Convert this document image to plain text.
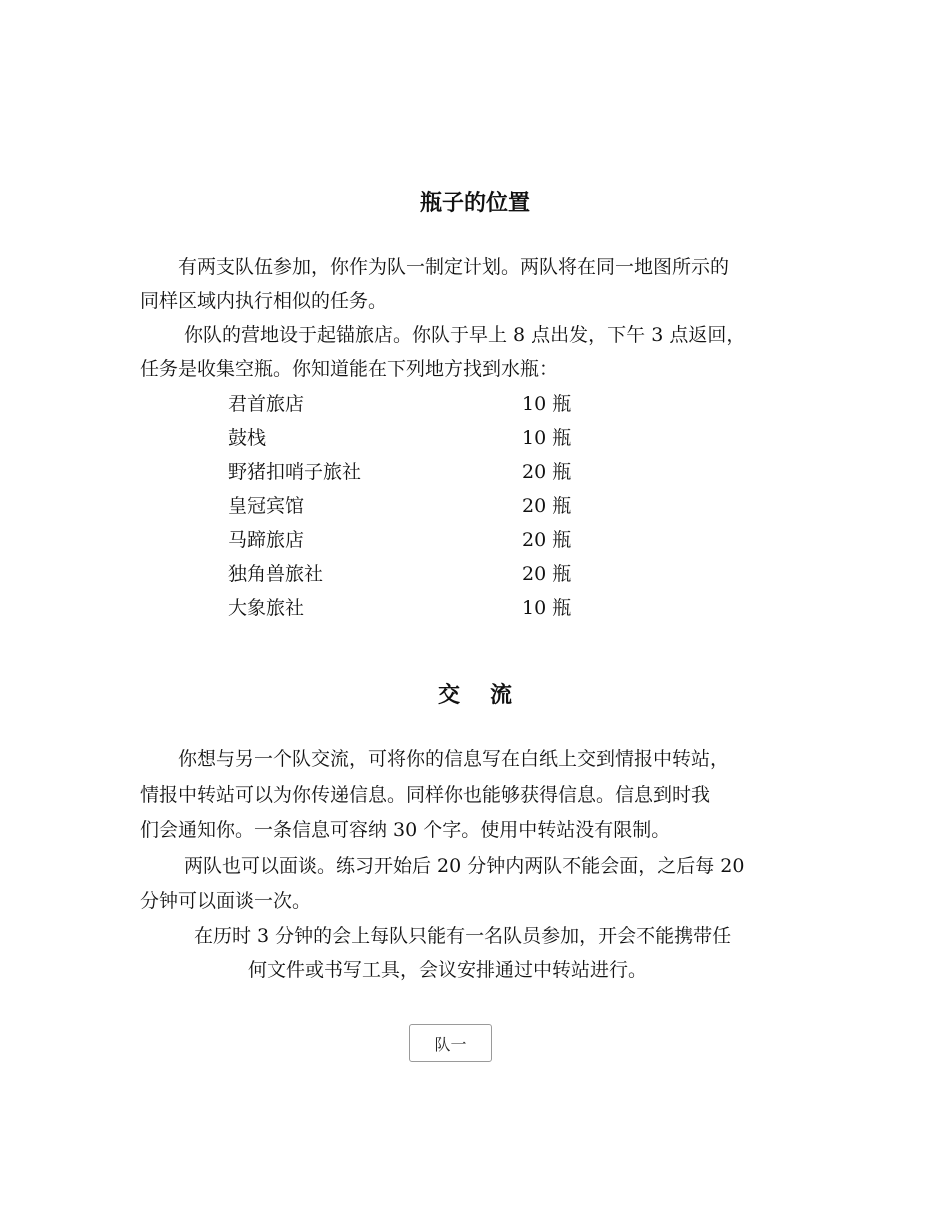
瓶子的位置
有两支队伍参加，你作为队一制定计划。两队将在同一地图所示的
同样区域内执行相似的任务。
你队的营地设于起锚旅店。你队于早上 8 点出发，下午 3 点返回，
任务是收集空瓶。你知道能在下列地方找到水瓶：
君首旅店	10 瓶
鼓栈	10 瓶
野猪扣哨子旅社	20 瓶
皇冠宾馆	20 瓶
马蹄旅店	20 瓶
独角兽旅社	20 瓶
大象旅社	10 瓶
交 流
你想与另一个队交流，可将你的信息写在白纸上交到情报中转站，
情报中转站可以为你传递信息。同样你也能够获得信息。信息到时我
们会通知你。一条信息可容纳 30 个字。使用中转站没有限制。
两队也可以面谈。练习开始后 20 分钟内两队不能会面，之后每 20
分钟可以面谈一次。
在历时 3 分钟的会上每队只能有一名队员参加，开会不能携带任
何文件或书写工具，会议安排通过中转站进行。
队一
